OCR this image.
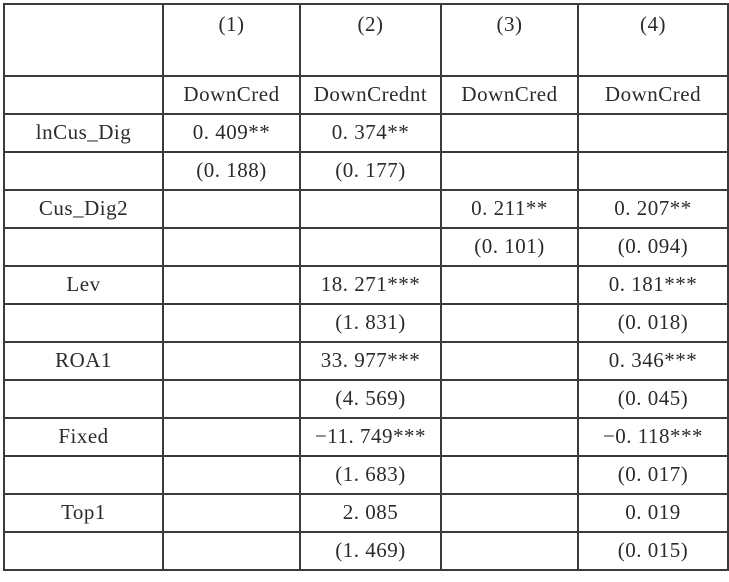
	(1)	(2)	(3)	(4)
	DownCred	DownCrednt	DownCred	DownCred
lnCus_Dig	0. 409**	0. 374**		
	(0. 188)	(0. 177)		
Cus_Dig2			0. 211**	0. 207**
			(0. 101)	(0. 094)
Lev		18. 271***		0. 181***
		(1. 831)		(0. 018)
ROA1		33. 977***		0. 346***
		(4. 569)		(0. 045)
Fixed		−11. 749***		−0. 118***
		(1. 683)		(0. 017)
Top1		2. 085		0. 019
		(1. 469)		(0. 015)
